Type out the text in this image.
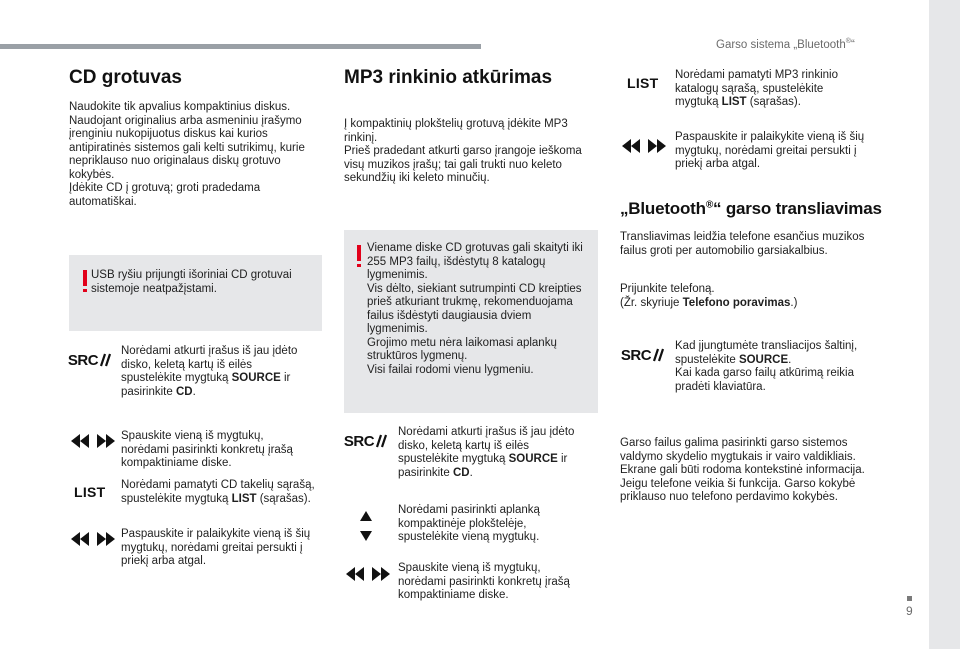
Garso sistema „Bluetooth®“
9
CD grotuvas
Naudokite tik apvalius kompaktinius diskus.
Naudojant originalius arba asmeniniu įrašymo įrenginiu nukopijuotus diskus kai kurios antipiratinės sistemos gali kelti sutrikimų, kurie nepriklauso nuo originalaus diskų grotuvo kokybės.
Įdėkite CD į grotuvą; groti pradedama automatiškai.
USB ryšiu prijungti išoriniai CD grotuvai sistemoje neatpažįstami.
SRC
Norėdami atkurti įrašus iš jau įdėto disko, keletą kartų iš eilės spustelėkite mygtuką SOURCE ir pasirinkite CD.
Spauskite vieną iš mygtukų, norėdami pasirinkti konkretų įrašą kompaktiniame diske.
LIST Norėdami pamatyti CD takelių sąrašą, spustelėkite mygtuką LIST (sąrašas).
Paspauskite ir palaikykite vieną iš šių mygtukų, norėdami greitai persukti į priekį arba atgal.
MP3 rinkinio atkūrimas
Į kompaktinių plokštelių grotuvą įdėkite MP3 rinkinį.
Prieš pradedant atkurti garso įrangoje ieškoma visų muzikos įrašų; tai gali trukti nuo keleto sekundžių iki keleto minučių.
Viename diske CD grotuvas gali skaityti iki 255 MP3 failų, išdėstytų 8 katalogų lygmenimis.
Vis dėlto, siekiant sutrumpinti CD kreipties prieš atkuriant trukmę, rekomenduojama failus išdėstyti daugiausia dviem lygmenimis.
Grojimo metu nėra laikomasi aplankų struktūros lygmenų.
Visi failai rodomi vienu lygmeniu.
SRC
Norėdami atkurti įrašus iš jau įdėto disko, keletą kartų iš eilės spustelėkite mygtuką SOURCE ir pasirinkite CD.
Norėdami pasirinkti aplanką kompaktinėje plokštelėje, spustelėkite vieną mygtukų.
Spauskite vieną iš mygtukų, norėdami pasirinkti konkretų įrašą kompaktiniame diske.
LIST Norėdami pamatyti MP3 rinkinio katalogų sąrašą, spustelėkite mygtuką LIST (sąrašas).
Paspauskite ir palaikykite vieną iš šių mygtukų, norėdami greitai persukti į priekį arba atgal.
„Bluetooth®“ garso transliavimas
Transliavimas leidžia telefone esančius muzikos failus groti per automobilio garsiakalbius.
Prijunkite telefoną.
(Žr. skyriuje Telefono poravimas.)
SRC
Kad įjungtumėte transliacijos šaltinį, spustelėkite SOURCE.
Kai kada garso failų atkūrimą reikia pradėti klaviatūra.
Garso failus galima pasirinkti garso sistemos valdymo skydelio mygtukais ir vairo valdikliais. Ekrane gali būti rodoma kontekstinė informacija.
Jeigu telefone veikia ši funkcija. Garso kokybė priklauso nuo telefono perdavimo kokybės.
